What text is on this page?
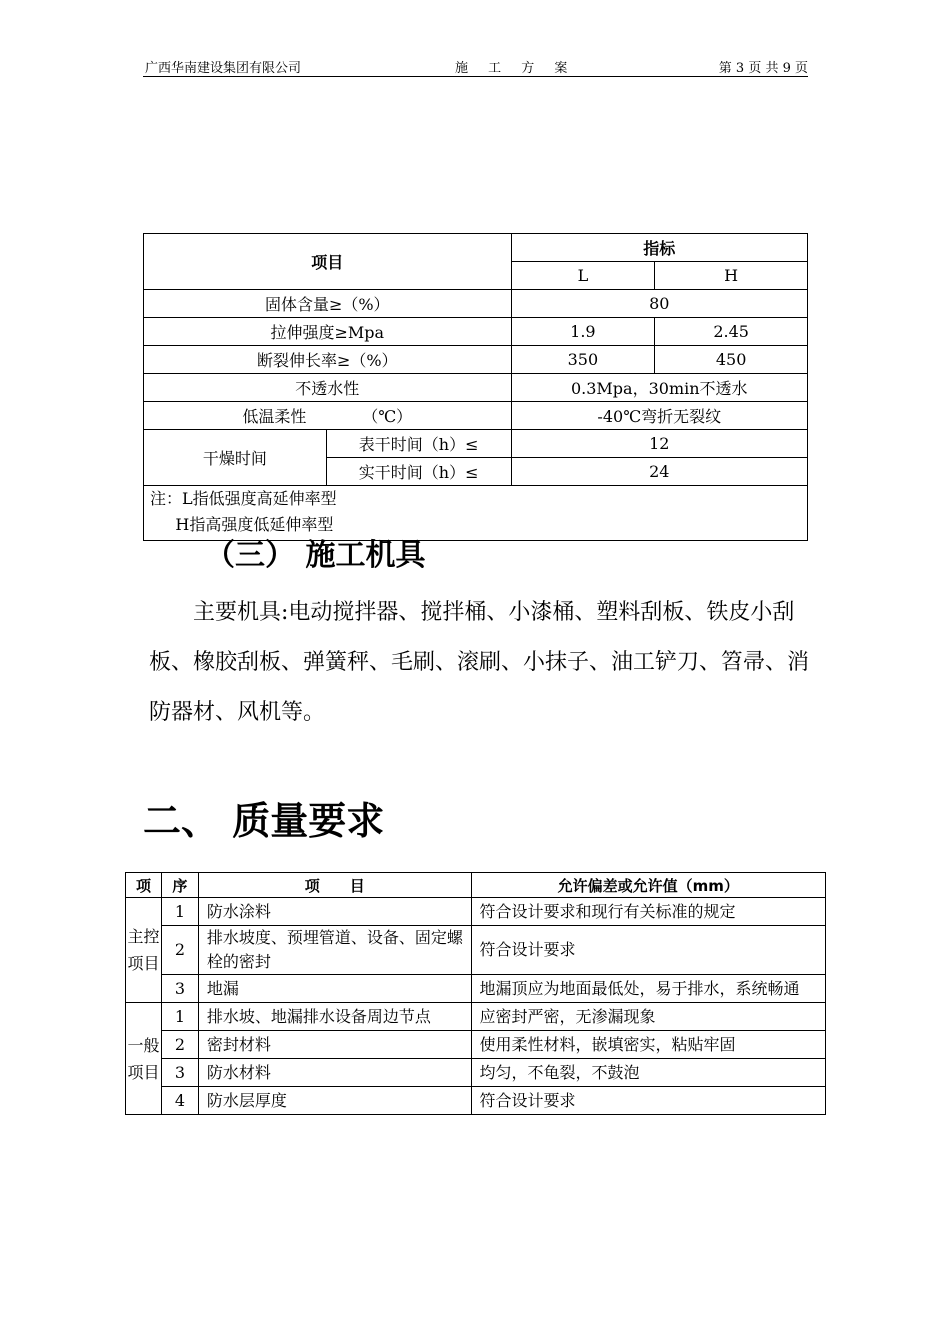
广西华南建设集团有限公司	施 工 方 案	第 3 页 共 9 页
项目		指标	
		L	H
固体含量≥（%）		80	
拉伸强度≥Mpa		1.9	2.45
断裂伸长率≥（%）		350	450
不透水性		0.3Mpa，30min不透水	
低温柔性           （℃）		-40℃弯折无裂纹	
干燥时间	表干时间（h）≤	12	
	实干时间（h）≤	24	

注：L指低强度高延伸率型
H指高强度低延伸率型			
（三） 施工机具
　　主要机具:电动搅拌器、搅拌桶、小漆桶、塑料刮板、铁皮小刮板、橡胶刮板、弹簧秤、毛刷、滚刷、小抹子、油工铲刀、笤帚、消防器材、风机等。
二、 质量要求
项	序	项　　目	允许偏差或允许值（mm）
主控项目	1	防水涂料	符合设计要求和现行有关标准的规定
	2	排水坡度、预埋管道、设备、固定螺栓的密封	符合设计要求
	3	地漏	地漏顶应为地面最低处，易于排水，系统畅通
一般项目	1	排水坡、地漏排水设备周边节点	应密封严密，无渗漏现象
	2	密封材料	使用柔性材料，嵌填密实，粘贴牢固
	3	防水材料	均匀，不龟裂，不鼓泡
	4	防水层厚度	符合设计要求
